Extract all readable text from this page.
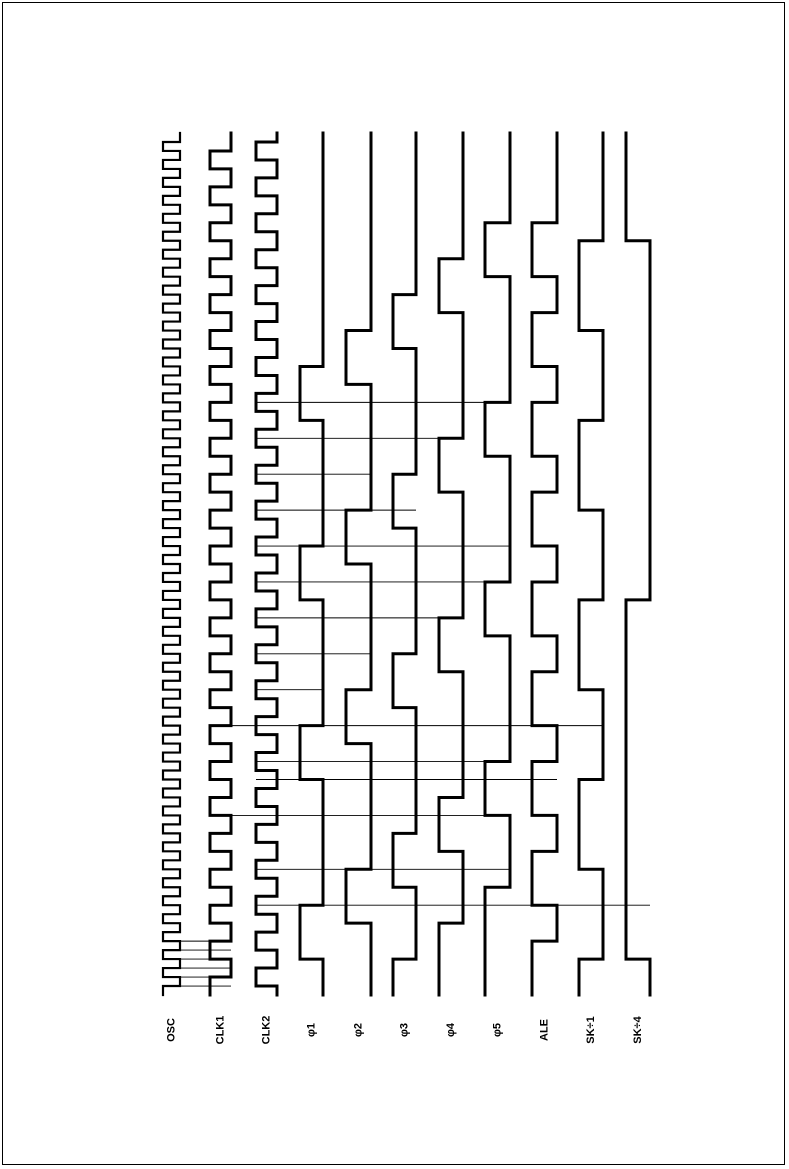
OSC	CLK1	CLK2	φ1	φ2	φ3	φ4	φ5	ALE	SK÷1	SK÷4
